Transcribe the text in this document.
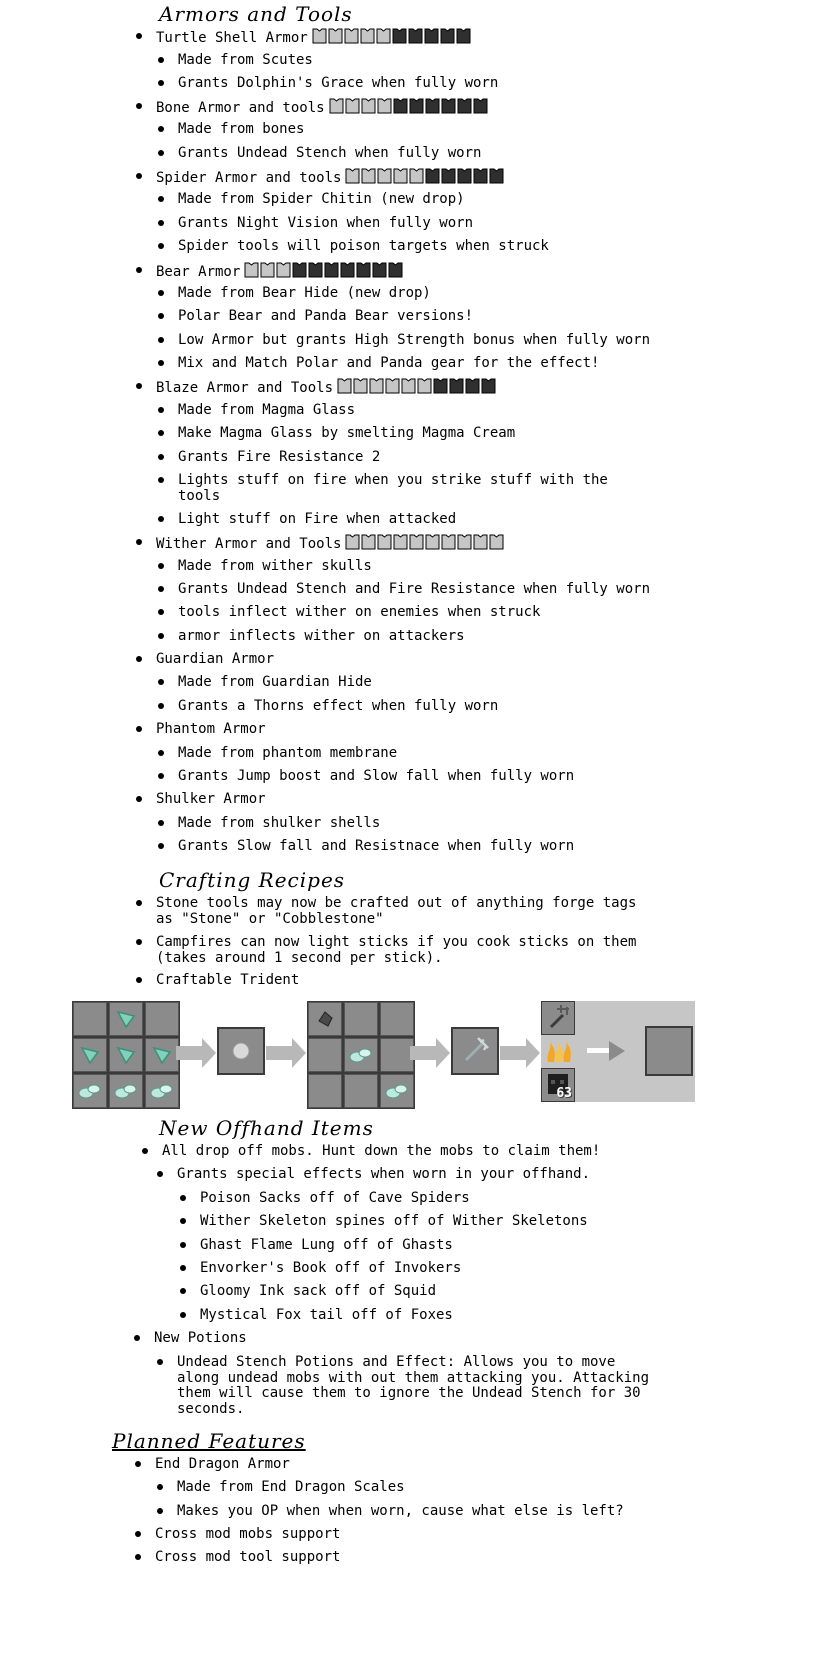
Armors and Tools
Turtle Shell Armor
Made from Scutes
Grants Dolphin's Grace when fully worn
Bone Armor and tools
Made from bones
Grants Undead Stench when fully worn
Spider Armor and tools
Made from Spider Chitin (new drop)
Grants Night Vision when fully worn
Spider tools will poison targets when struck
Bear Armor
Made from Bear Hide (new drop)
Polar Bear and Panda Bear versions!
Low Armor but grants High Strength bonus when fully worn
Mix and Match Polar and Panda gear for the effect!
Blaze Armor and Tools
Made from Magma Glass
Make Magma Glass by smelting Magma Cream
Grants Fire Resistance 2
Lights stuff on fire when you strike stuff with the
tools
Light stuff on Fire when attacked
Wither Armor and Tools
Made from wither skulls
Grants Undead Stench and Fire Resistance when fully worn
tools inflect wither on enemies when struck
armor inflects wither on attackers
Guardian Armor
Made from Guardian Hide
Grants a Thorns effect when fully worn
Phantom Armor
Made from phantom membrane
Grants Jump boost and Slow fall when fully worn
Shulker Armor
Made from shulker shells
Grants Slow fall and Resistnace when fully worn
Crafting Recipes
Stone tools may now be crafted out of anything forge tags
as "Stone" or "Cobblestone"
Campfires can now light sticks if you cook sticks on them
(takes around 1 second per stick).
Craftable Trident
63
New Offhand Items
All drop off mobs. Hunt down the mobs to claim them!
Grants special effects when worn in your offhand.
Poison Sacks off of Cave Spiders
Wither Skeleton spines off of Wither Skeletons
Ghast Flame Lung off of Ghasts
Envorker's Book off of Invokers
Gloomy Ink sack off of Squid
Mystical Fox tail off of Foxes
New Potions
Undead Stench Potions and Effect: Allows you to move
along undead mobs with out them attacking you. Attacking
them will cause them to ignore the Undead Stench for 30
seconds.
Planned Features
End Dragon Armor
Made from End Dragon Scales
Makes you OP when when worn, cause what else is left?
Cross mod mobs support
Cross mod tool support
